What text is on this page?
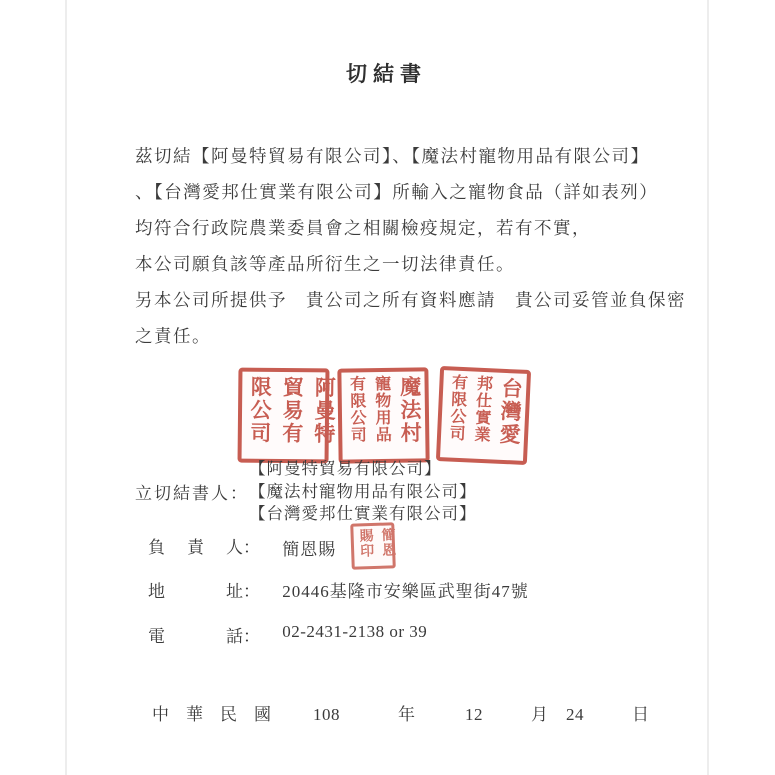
切結書
茲切結【阿曼特貿易有限公司】、【魔法村寵物用品有限公司】
、【台灣愛邦仕實業有限公司】所輸入之寵物食品（詳如表列）
均符合行政院農業委員會之相關檢疫規定，若有不實，
本公司願負該等產品所衍生之一切法律責任。
另本公司所提供予　貴公司之所有資料應請　貴公司妥管並負保密
之責任。
阿曼特
貿易有
限公司	魔法村
寵物用品
有限公司	台灣愛
邦仕實業
有限公司
立切結書人：
【阿曼特貿易有限公司】
【魔法村寵物用品有限公司】
【台灣愛邦仕實業有限公司】
負 責 人： 簡恩賜	簡恩
賜印
地	址： 20446基隆市安樂區武聖街47號
電	話： 02-2431-2138 or 39
中　華　民　國 108	年	12	月 24	日
